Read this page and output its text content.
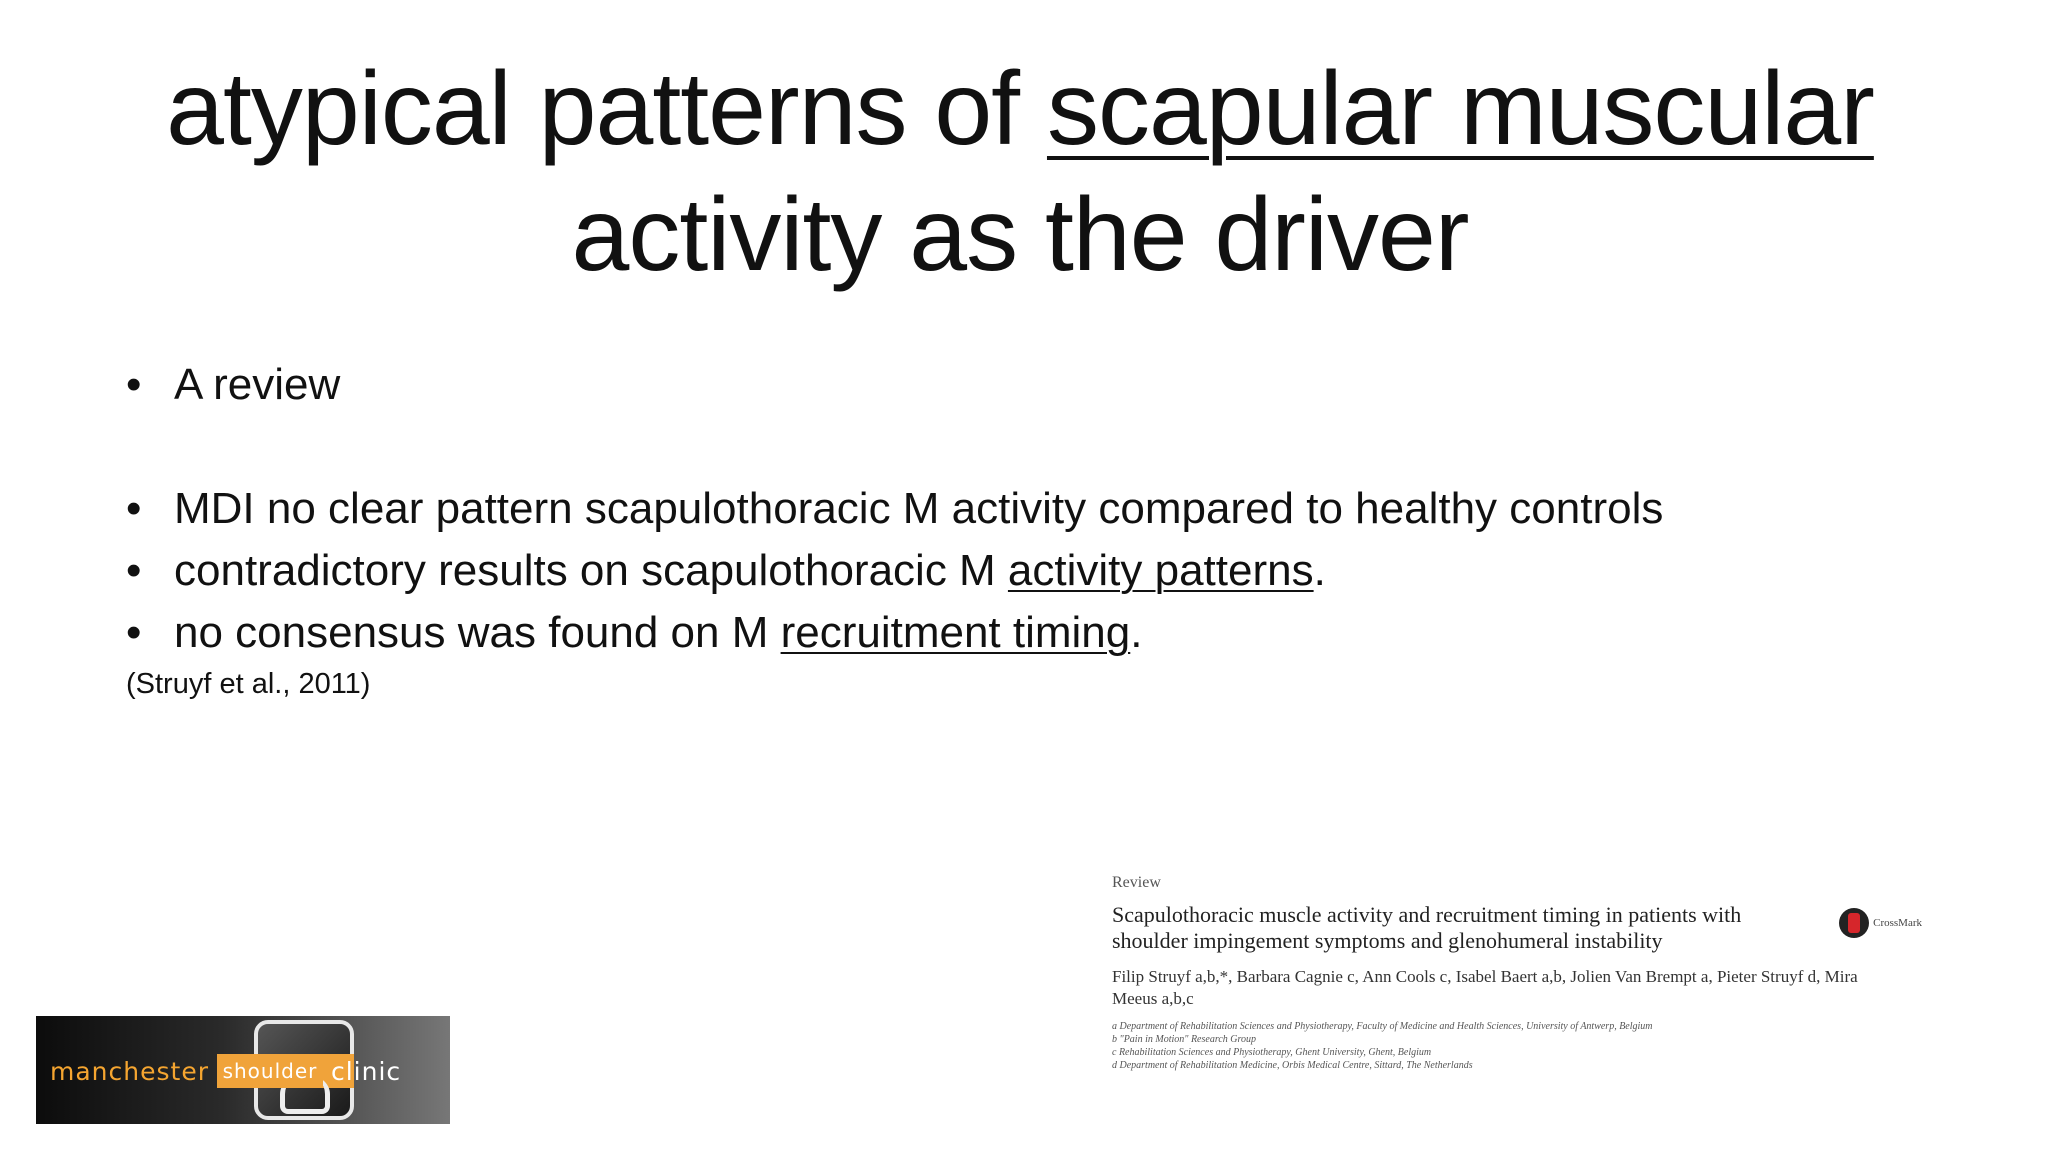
atypical patterns of scapular muscular
activity as the driver
• A review
• MDI no clear pattern scapulothoracic M activity compared to healthy controls
• contradictory results on scapulothoracic M activity patterns.
• no consensus was found on M recruitment timing.
(Struyf et al., 2011)
Review
Scapulothoracic muscle activity and recruitment timing in patients with shoulder impingement symptoms and glenohumeral instability
CrossMark
Filip Struyf a,b,*, Barbara Cagnie c, Ann Cools c, Isabel Baert a,b, Jolien Van Brempt a, Pieter Struyf d, Mira Meeus a,b,c
a Department of Rehabilitation Sciences and Physiotherapy, Faculty of Medicine and Health Sciences, University of Antwerp, Belgium
b "Pain in Motion" Research Group
c Rehabilitation Sciences and Physiotherapy, Ghent University, Ghent, Belgium
d Department of Rehabilitation Medicine, Orbis Medical Centre, Sittard, The Netherlands
manchester shoulder clinic
